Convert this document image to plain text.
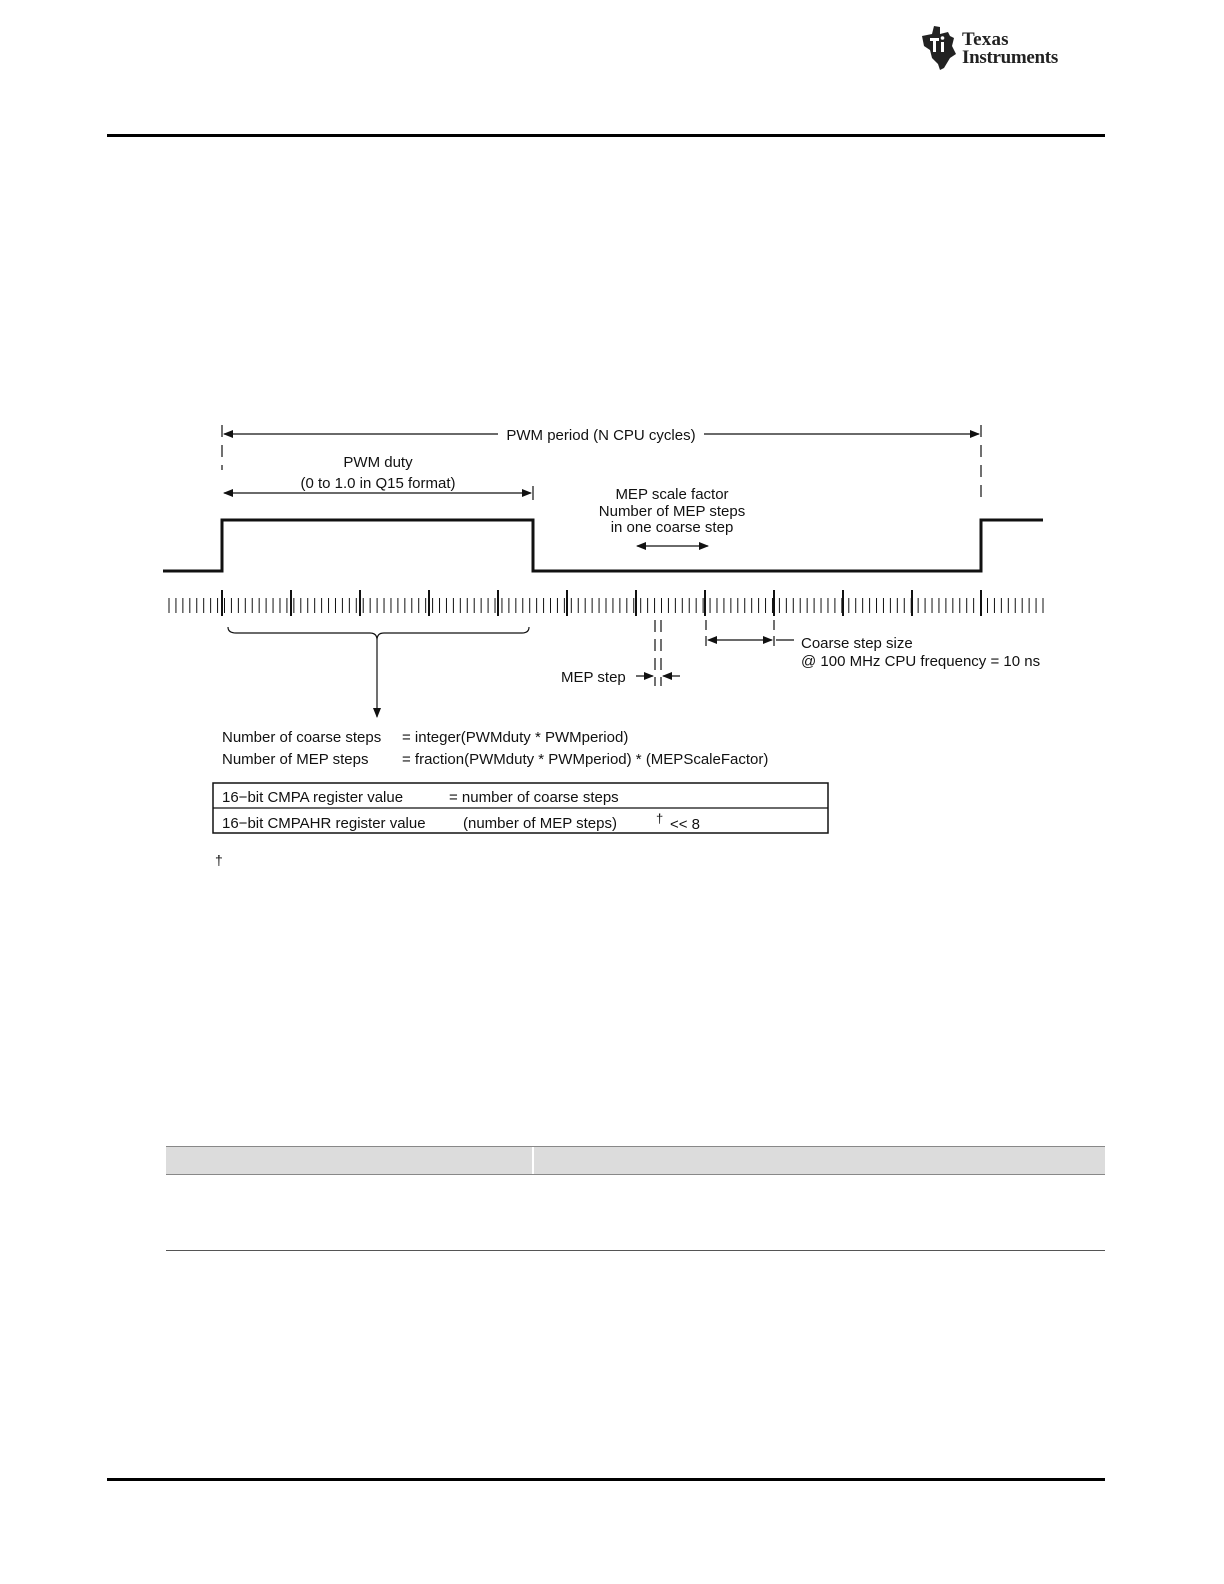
Texas
Instruments
PWM period (N CPU cycles)
PWM duty
(0 to 1.0 in Q15 format)
MEP scale factor
Number of MEP steps
in one coarse step
MEP step
Coarse step size
@ 100 MHz CPU frequency = 10 ns
Number of coarse steps = integer(PWMduty * PWMperiod)
Number of MEP steps = fraction(PWMduty * PWMperiod) * (MEPScaleFactor)
16−bit CMPA register value	= number of coarse steps
16−bit CMPAHR register value (number of MEP steps)	† << 8
†
